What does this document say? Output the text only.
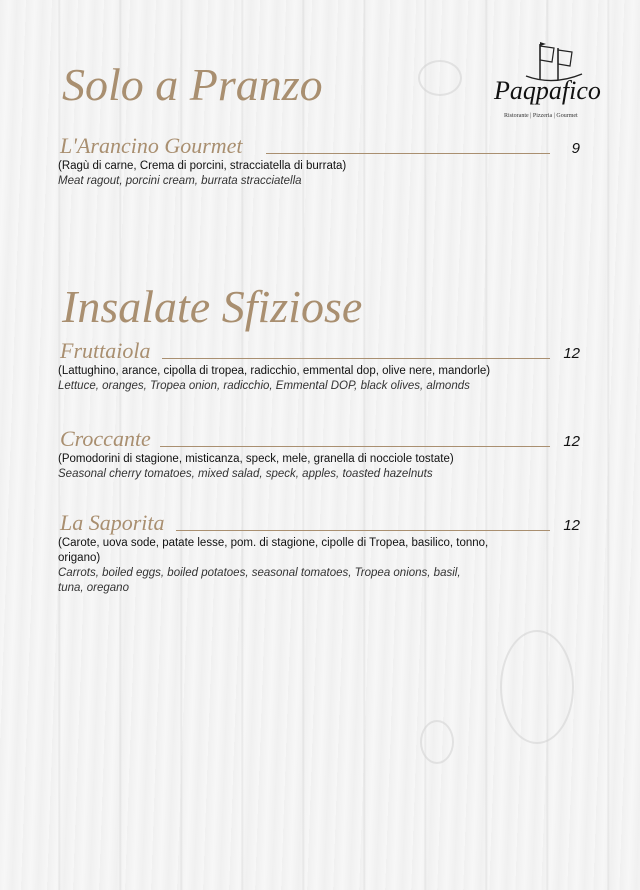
Paqpafico
Ristorante | Pizzeria | Gourmet
Solo a Pranzo
L'Arancino Gourmet	9

(Ragù di carne, Crema di porcini, stracciatella di burrata)

Meat ragout, porcini cream, burrata stracciatella

Insalate Sfiziose
Fruttaiola	12

(Lattughino, arance, cipolla di tropea, radicchio, emmental dop, olive nere, mandorle)

Lettuce, oranges, Tropea onion, radicchio, Emmental DOP, black olives, almonds

Croccante	12

(Pomodorini di stagione, misticanza, speck, mele, granella di nocciole tostate)

Seasonal cherry tomatoes, mixed salad, speck, apples, toasted hazelnuts

La Saporita	12

(Carote, uova sode, patate lesse, pom. di stagione, cipolle di Tropea, basilico, tonno, origano)

Carrots, boiled eggs, boiled potatoes, seasonal tomatoes, Tropea onions, basil, tuna, oregano
